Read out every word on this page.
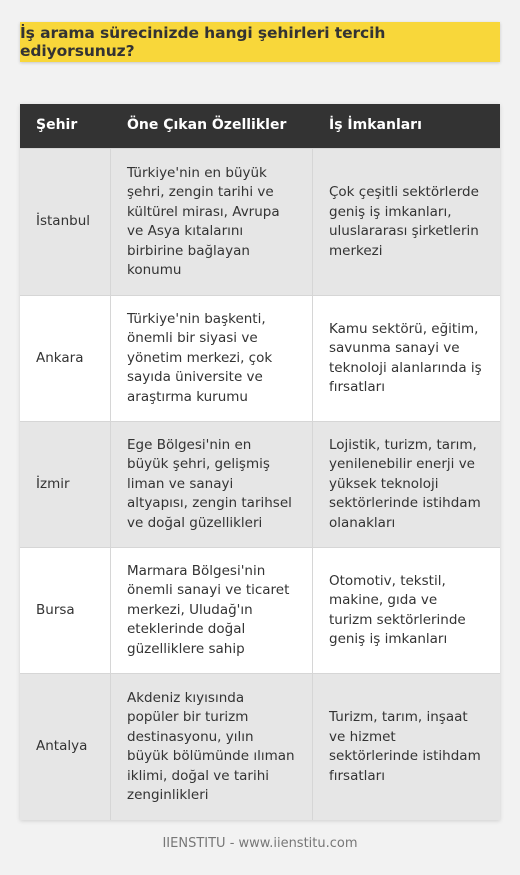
İş arama sürecinizde hangi şehirleri tercih ediyorsunuz?
Şehir	Öne Çıkan Özellikler	İş İmkanları
İstanbul
Türkiye'nin en büyük şehri, zengin tarihi ve kültürel mirası, Avrupa ve Asya kıtalarını birbirine bağlayan konumu
Çok çeşitli sektörlerde geniş iş imkanları, uluslararası şirketlerin merkezi
Ankara
Türkiye'nin başkenti, önemli bir siyasi ve yönetim merkezi, çok sayıda üniversite ve araştırma kurumu
Kamu sektörü, eğitim, savunma sanayi ve teknoloji alanlarında iş fırsatları
İzmir
Ege Bölgesi'nin en büyük şehri, gelişmiş liman ve sanayi altyapısı, zengin tarihsel ve doğal güzellikleri
Lojistik, turizm, tarım, yenilenebilir enerji ve yüksek teknoloji sektörlerinde istihdam olanakları
Bursa
Marmara Bölgesi'nin önemli sanayi ve ticaret merkezi, Uludağ'ın eteklerinde doğal güzelliklere sahip
Otomotiv, tekstil, makine, gıda ve turizm sektörlerinde geniş iş imkanları
Antalya
Akdeniz kıyısında popüler bir turizm destinasyonu, yılın büyük bölümünde ılıman iklimi, doğal ve tarihi zenginlikleri
Turizm, tarım, inşaat ve hizmet sektörlerinde istihdam fırsatları
IIENSTITU - www.iienstitu.com
